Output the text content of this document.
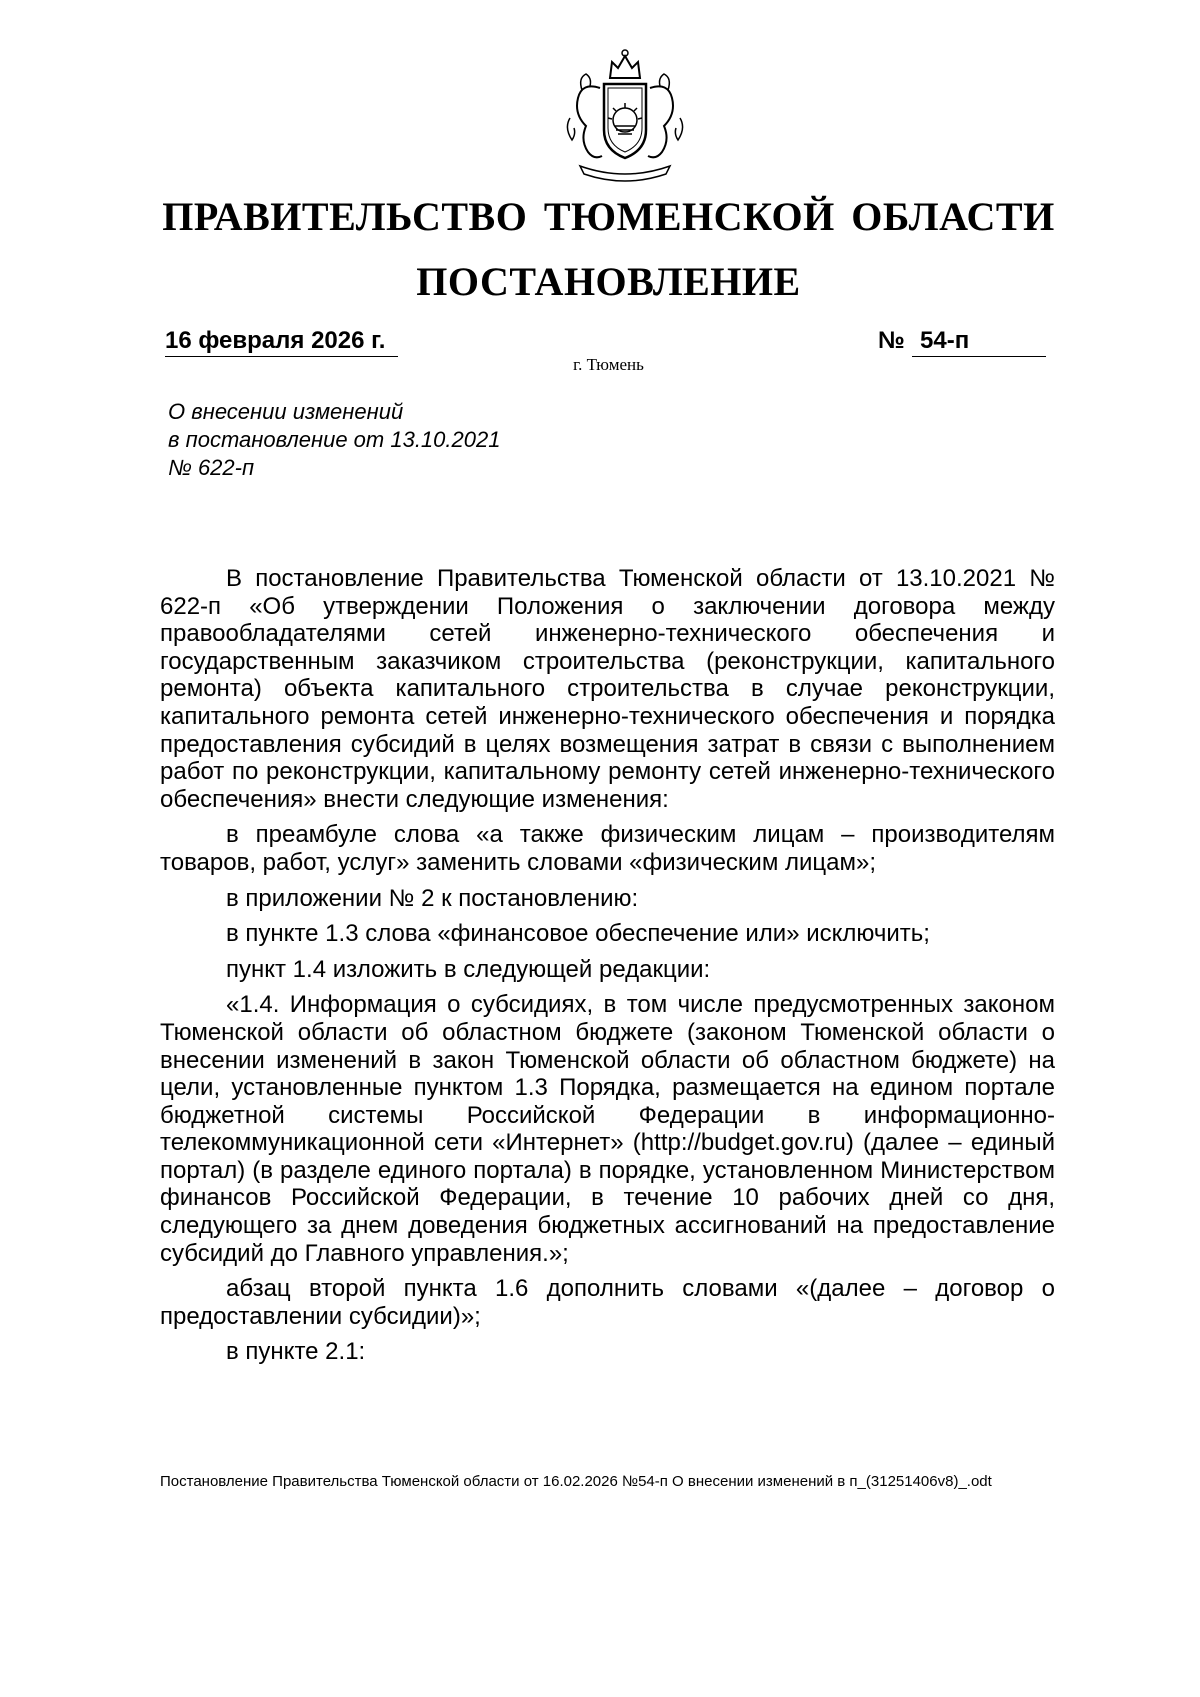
ПРАВИТЕЛЬСТВО ТЮМЕНСКОЙ ОБЛАСТИ
ПОСТАНОВЛЕНИЕ
16 февраля 2026 г.	№ 54-п
г. Тюмень
О внесении изменений
в постановление от 13.10.2021
№ 622-п

В постановление Правительства Тюменской области от 13.10.2021 № 622-п «Об утверждении Положения о заключении договора между правообладателями сетей инженерно-технического обеспечения и государственным заказчиком строительства (реконструкции, капитального ремонта) объекта капитального строительства в случае реконструкции, капитального ремонта сетей инженерно-технического обеспечения и порядка предоставления субсидий в целях возмещения затрат в связи с выполнением работ по реконструкции, капитальному ремонту сетей инженерно-технического обеспечения» внести следующие изменения:

в преамбуле слова «а также физическим лицам – производителям товаров, работ, услуг» заменить словами «физическим лицам»;

в приложении № 2 к постановлению:

в пункте 1.3 слова «финансовое обеспечение или» исключить;

пункт 1.4 изложить в следующей редакции:

«1.4. Информация о субсидиях, в том числе предусмотренных законом Тюменской области об областном бюджете (законом Тюменской области о внесении изменений в закон Тюменской области об областном бюджете) на цели, установленные пунктом 1.3 Порядка, размещается на едином портале бюджетной системы Российской Федерации в информационно-телекоммуникационной сети «Интернет» (http://budget.gov.ru) (далее – единый портал) (в разделе единого портала) в порядке, установленном Министерством финансов Российской Федерации, в течение 10 рабочих дней со дня, следующего за днем доведения бюджетных ассигнований на предоставление субсидий до Главного управления.»;

абзац второй пункта 1.6 дополнить словами «(далее – договор о предоставлении субсидии)»;

в пункте 2.1:

Постановление Правительства Тюменской области от 16.02.2026 №54-п О внесении изменений в п_(31251406v8)_.odt
